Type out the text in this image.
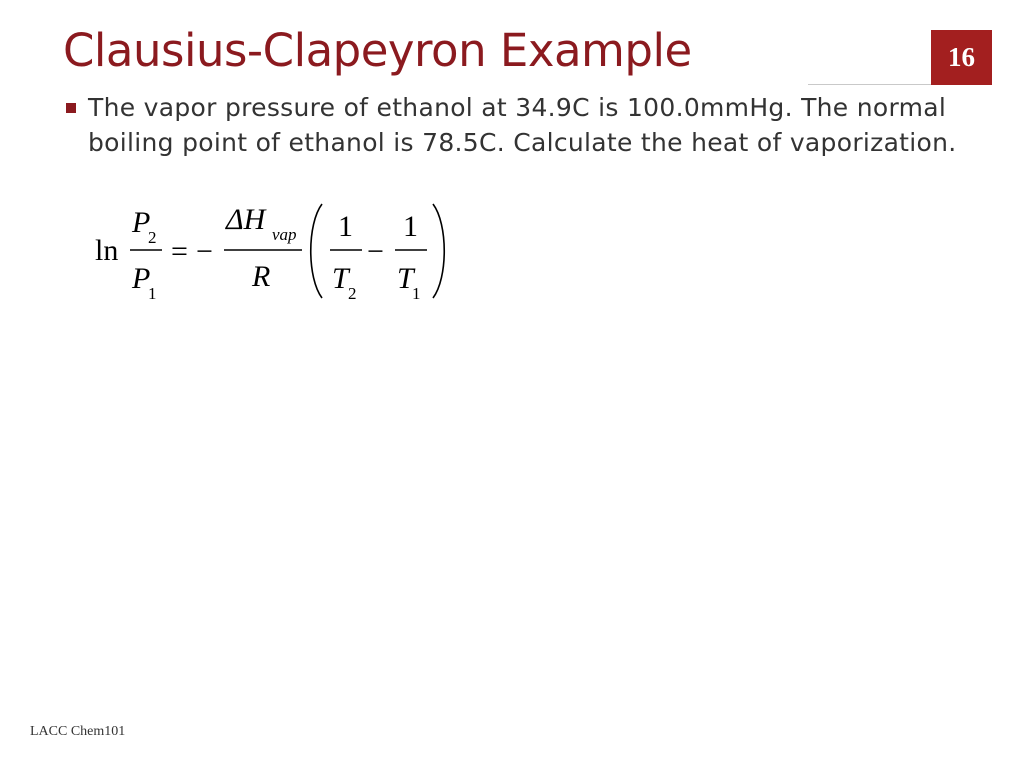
Clausius-Clapeyron Example	16

The vapor pressure of ethanol at 34.9C is 100.0mmHg. The normal boiling point of ethanol is 78.5C. Calculate the heat of vaporization.

ln
P
2
P
1
= −
ΔH vap
R
1
T 2
−
1
T
1
LACC Chem101
